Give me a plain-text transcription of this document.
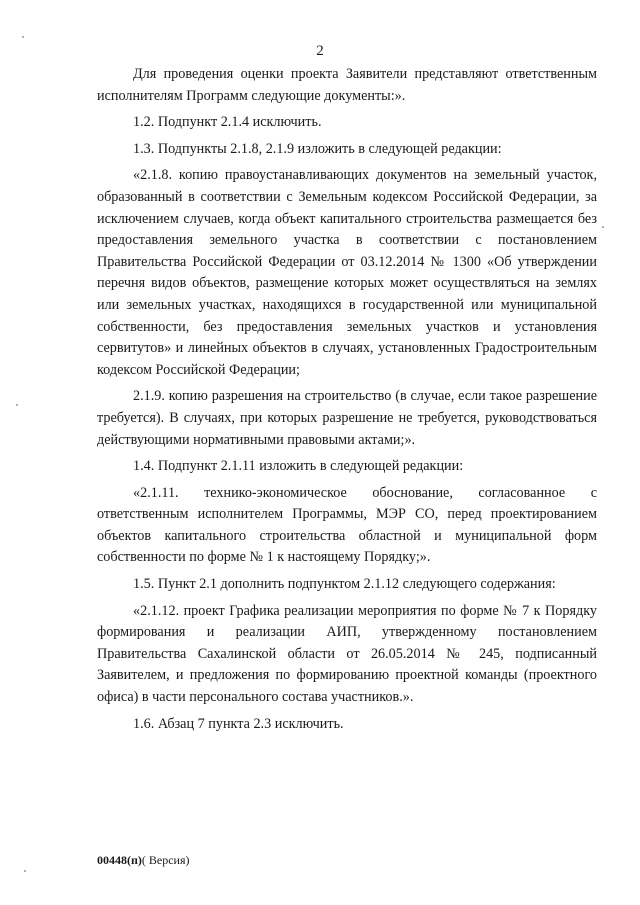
2

Для проведения оценки проекта Заявители представляют ответственным исполнителям Программ следующие документы:».

1.2. Подпункт 2.1.4 исключить.

1.3. Подпункты 2.1.8, 2.1.9 изложить в следующей редакции:

«2.1.8. копию правоустанавливающих документов на земельный участок, образованный в соответствии с Земельным кодексом Российской Федерации, за исключением случаев, когда объект капитального строительства размещается без предоставления земельного участка в соответствии с постановлением Правительства Российской Федерации от 03.12.2014 № 1300 «Об утверждении перечня видов объектов, размещение которых может осуществляться на землях или земельных участках, находящихся в государственной или муниципальной собственности, без предоставления земельных участков и установления сервитутов» и линейных объектов в случаях, установленных Градостроительным кодексом Российской Федерации;

2.1.9. копию разрешения на строительство (в случае, если такое разрешение требуется). В случаях, при которых разрешение не требуется, руководствоваться действующими нормативными правовыми актами;».

1.4. Подпункт 2.1.11 изложить в следующей редакции:

«2.1.11. технико-экономическое обоснование, согласованное с ответственным исполнителем Программы, МЭР СО, перед проектированием объектов капитального строительства областной и муниципальной форм собственности по форме № 1 к настоящему Порядку;».

1.5. Пункт 2.1 дополнить подпунктом 2.1.12 следующего содержания:

«2.1.12. проект Графика реализации мероприятия по форме № 7 к Порядку формирования и реализации АИП, утвержденному постановлением Правительства Сахалинской области от 26.05.2014 № 245, подписанный Заявителем, и предложения по формированию проектной команды (проектного офиса) в части персонального состава участников.».

1.6. Абзац 7 пункта 2.3 исключить.

00448(п)( Версия)
